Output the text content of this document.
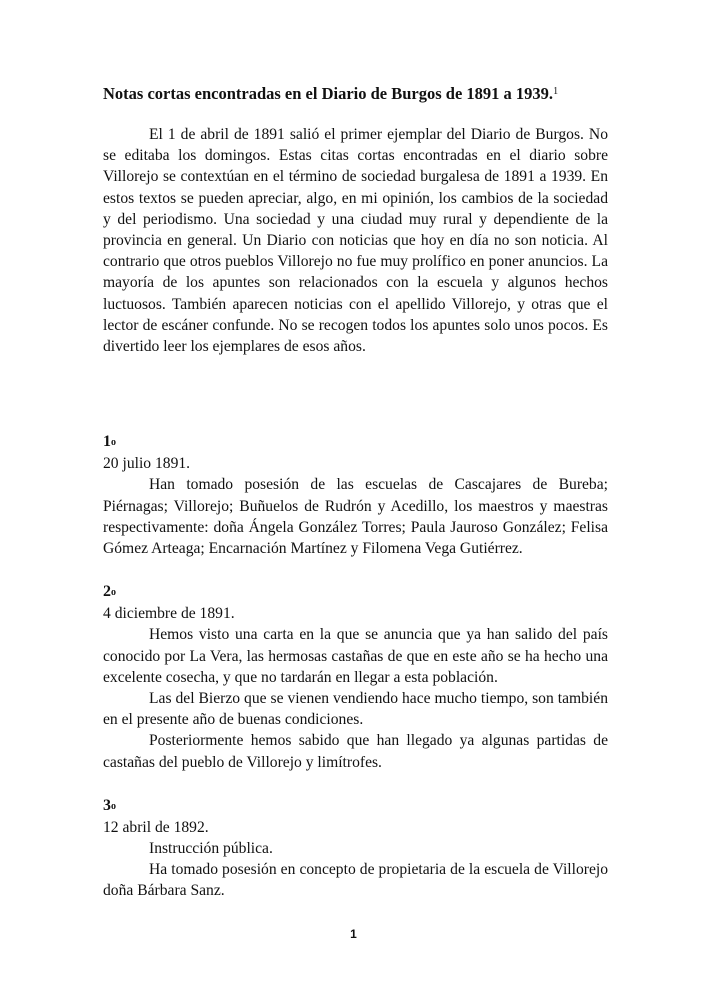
Notas cortas encontradas en el Diario de Burgos de 1891 a 1939.$^1$

El 1 de abril de 1891 salió el primer ejemplar del Diario de Burgos. No se editaba los domingos. Estas citas cortas encontradas en el diario sobre Villorejo se contextúan en el término de sociedad burgalesa de 1891 a 1939. En estos textos se pueden apreciar, algo, en mi opinión, los cambios de la sociedad y del periodismo. Una sociedad y una ciudad muy rural y dependiente de la provincia en general. Un Diario con noticias que hoy en día no son noticia. Al contrario que otros pueblos Villorejo no fue muy prolífico en poner anuncios. La mayoría de los apuntes son relacionados con la escuela y algunos hechos luctuosos. También aparecen noticias con el apellido Villorejo, y otras que el lector de escáner confunde. No se recogen todos los apuntes solo unos pocos. Es divertido leer los ejemplares de esos años.

1$^o$
20 julio 1891.

Han tomado posesión de las escuelas de Cascajares de Bureba; Piérnagas; Villorejo; Buñuelos de Rudrón y Acedillo, los maestros y maestras respectivamente: doña Ángela González Torres; Paula Jauroso González; Felisa Gómez Arteaga; Encarnación Martínez y Filomena Vega Gutiérrez.

2$^o$
4 diciembre de 1891.

Hemos visto una carta en la que se anuncia que ya han salido del país conocido por La Vera, las hermosas castañas de que en este año se ha hecho una excelente cosecha, y que no tardarán en llegar a esta población.

Las del Bierzo que se vienen vendiendo hace mucho tiempo, son también en el presente año de buenas condiciones.

Posteriormente hemos sabido que han llegado ya algunas partidas de castañas del pueblo de Villorejo y limítrofes.

3$^o$
12 abril de 1892.

Instrucción pública.

Ha tomado posesión en concepto de propietaria de la escuela de Villorejo doña Bárbara Sanz.

1
